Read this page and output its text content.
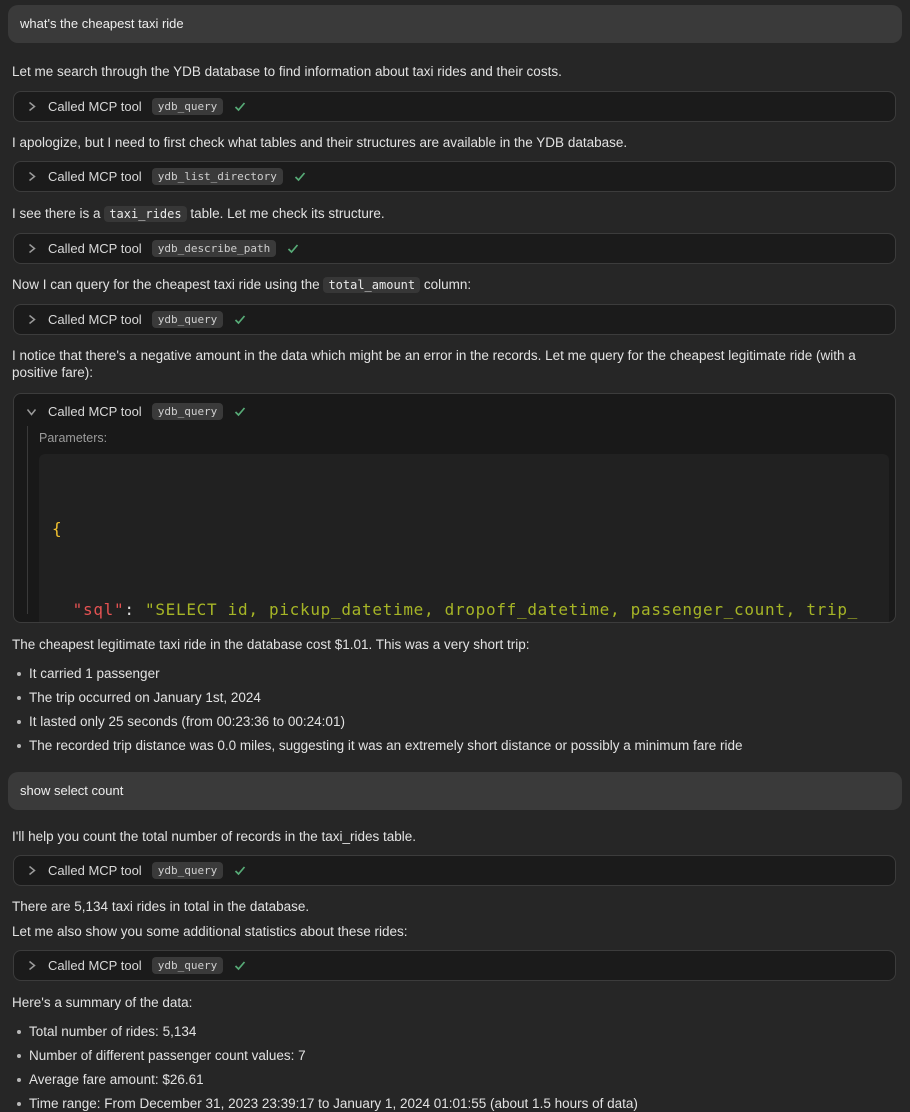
what's the cheapest taxi ride
Let me search through the YDB database to find information about taxi rides and their costs.
Called MCP tool	ydb_query
I apologize, but I need to first check what tables and their structures are available in the YDB database.
Called MCP tool	ydb_list_directory
I see there is a taxi_rides table. Let me check its structure.
Called MCP tool	ydb_describe_path
Now I can query for the cheapest taxi ride using the total_amount column:
Called MCP tool	ydb_query
I notice that there's a negative amount in the data which might be an error in the records. Let me query for the cheapest legitimate ride (with a positive fare):
Called MCP tool	ydb_query
Parameters:

{

"sql": "SELECT id, pickup_datetime, dropoff_datetime, passenger_count, trip_

The cheapest legitimate taxi ride in the database cost $1.01. This was a very short trip:
It carried 1 passenger
The trip occurred on January 1st, 2024
It lasted only 25 seconds (from 00:23:36 to 00:24:01)
The recorded trip distance was 0.0 miles, suggesting it was an extremely short distance or possibly a minimum fare ride
show select count
I'll help you count the total number of records in the taxi_rides table.
Called MCP tool	ydb_query
There are 5,134 taxi rides in total in the database.
Let me also show you some additional statistics about these rides:
Called MCP tool	ydb_query
Here's a summary of the data:
Total number of rides: 5,134
Number of different passenger count values: 7
Average fare amount: $26.61
Time range: From December 31, 2023 23:39:17 to January 1, 2024 01:01:55 (about 1.5 hours of data)
